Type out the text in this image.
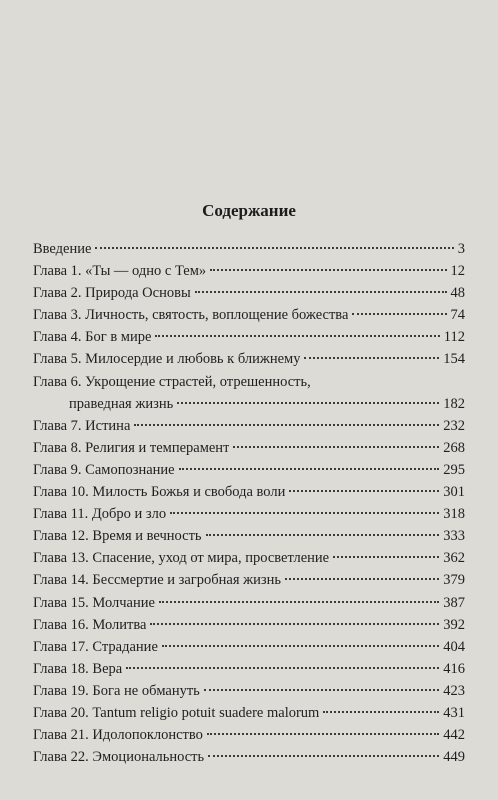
Содержание
Введение	3
Глава 1. «Ты — одно с Тем»	12
Глава 2. Природа Основы	48
Глава 3. Личность, святость, воплощение божества	74
Глава 4. Бог в мире	112
Глава 5. Милосердие и любовь к ближнему	154
Глава 6. Укрощение страстей, отрешенность,
праведная жизнь	182
Глава 7. Истина	232
Глава 8. Религия и темперамент	268
Глава 9. Самопознание	295
Глава 10. Милость Божья и свобода воли	301
Глава 11. Добро и зло	318
Глава 12. Время и вечность	333
Глава 13. Спасение, уход от мира, просветление	362
Глава 14. Бессмертие и загробная жизнь	379
Глава 15. Молчание	387
Глава 16. Молитва	392
Глава 17. Страдание	404
Глава 18. Вера	416
Глава 19. Бога не обмануть	423
Глава 20. Tantum religio potuit suadere malorum	431
Глава 21. Идолопоклонство	442
Глава 22. Эмоциональность	449
